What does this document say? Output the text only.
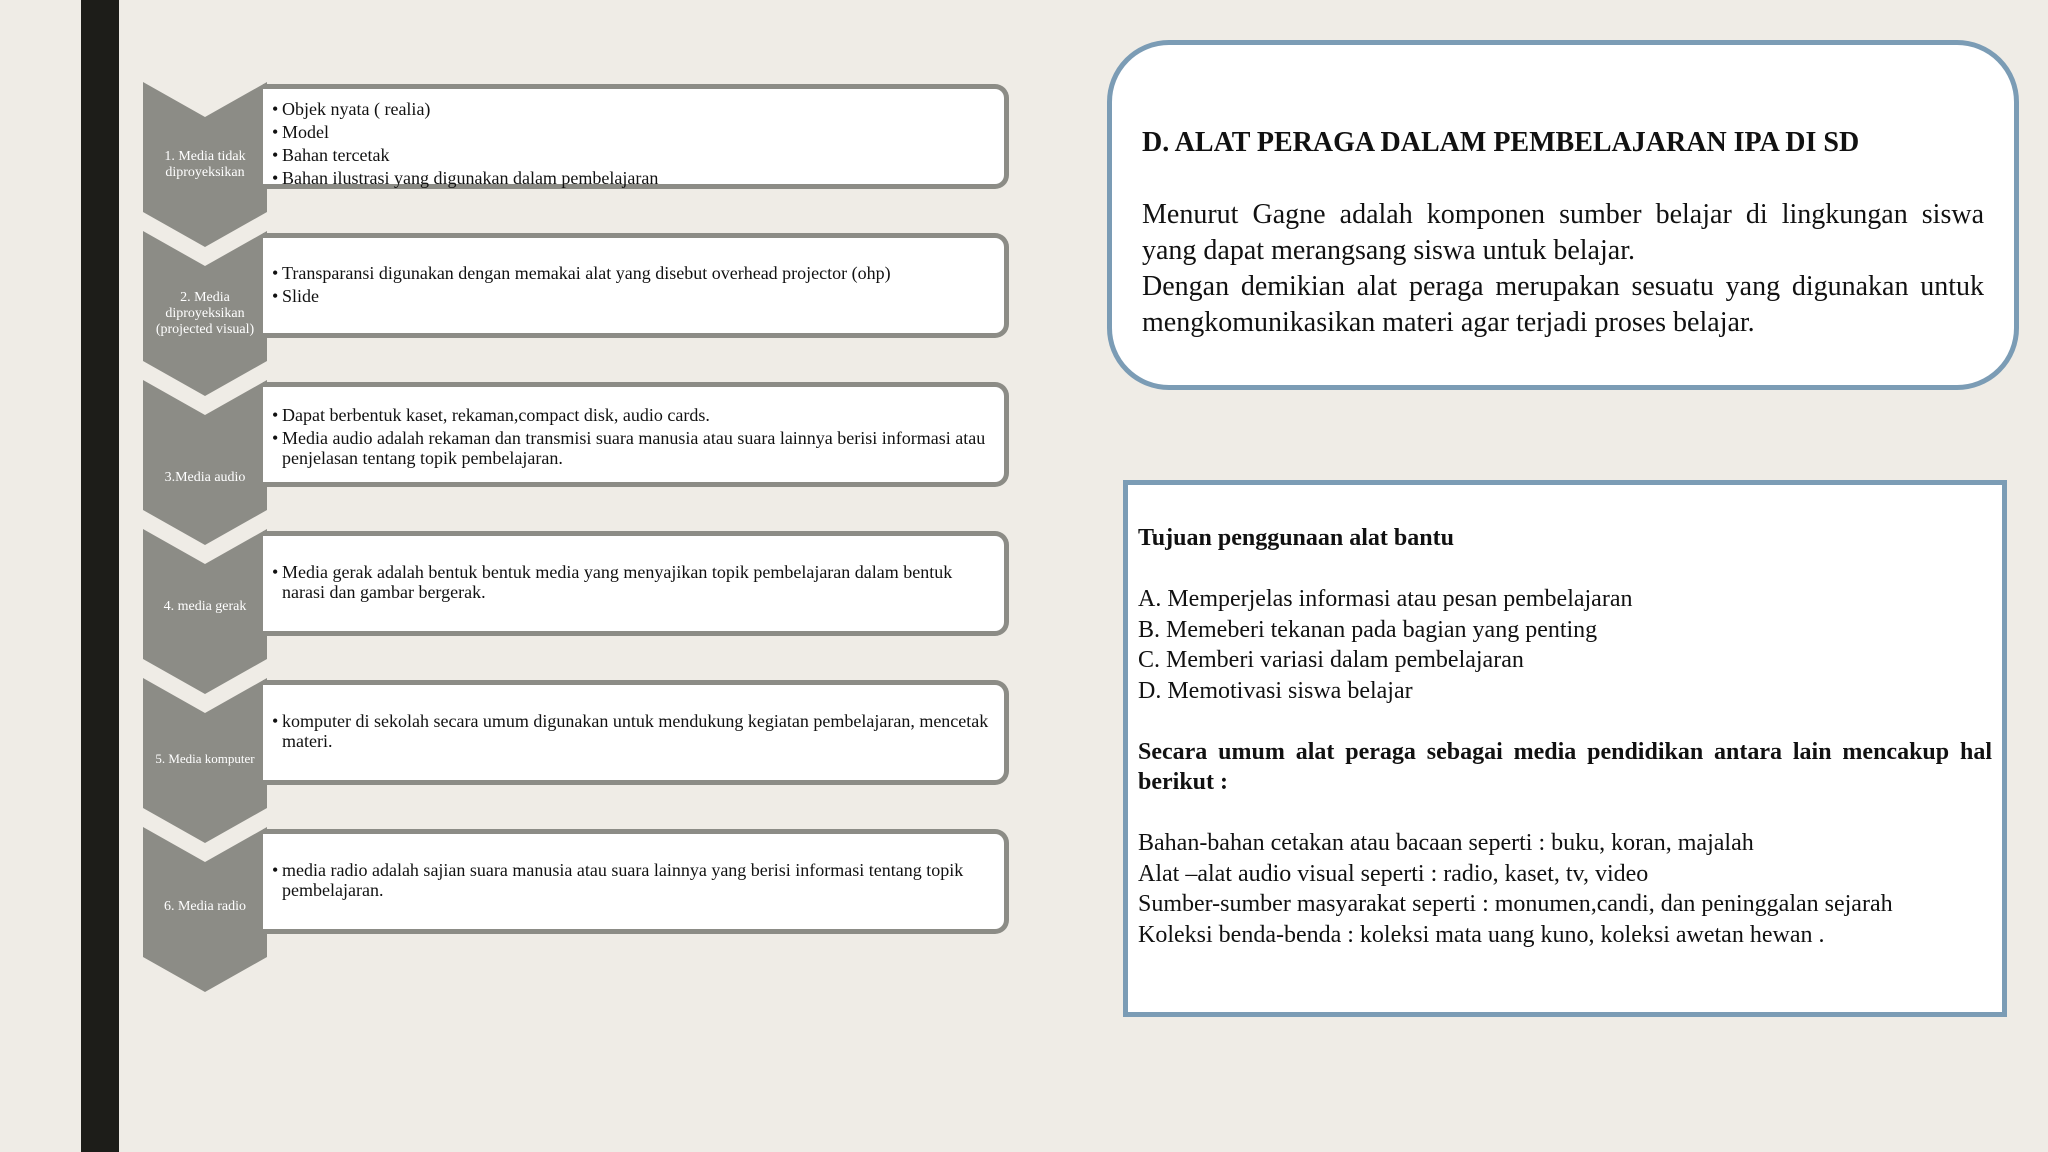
1. Media tidak diproyeksikan
• Objek nyata ( realia)
• Model
• Bahan tercetak
• Bahan ilustrasi yang digunakan dalam pembelajaran
2. Media diproyeksikan (projected visual)
• Transparansi digunakan dengan memakai alat yang disebut overhead projector (ohp)
• Slide
3.Media audio
• Dapat berbentuk kaset, rekaman,compact disk, audio cards.
• Media audio adalah rekaman dan transmisi suara manusia atau suara lainnya berisi informasi atau penjelasan tentang topik pembelajaran.
4. media gerak
• Media gerak adalah bentuk bentuk media yang menyajikan topik pembelajaran dalam bentuk narasi dan gambar bergerak.
5. Media komputer
• komputer di sekolah secara umum digunakan untuk mendukung kegiatan pembelajaran, mencetak materi.
6. Media radio
• media radio adalah sajian suara manusia atau suara lainnya yang berisi informasi tentang topik pembelajaran.
D. ALAT PERAGA DALAM PEMBELAJARAN IPA DI SD
Menurut Gagne adalah komponen sumber belajar di lingkungan siswa yang dapat merangsang siswa untuk belajar.
Dengan demikian alat peraga merupakan sesuatu yang digunakan untuk mengkomunikasikan materi agar terjadi proses belajar.
Tujuan penggunaan alat bantu
A. Memperjelas informasi atau pesan pembelajaran
B. Memeberi tekanan pada bagian yang penting
C. Memberi variasi dalam pembelajaran
D. Memotivasi siswa belajar
Secara umum alat peraga sebagai media pendidikan antara lain mencakup hal berikut :
Bahan-bahan cetakan atau bacaan seperti : buku, koran, majalah
Alat –alat audio visual seperti : radio, kaset, tv, video
Sumber-sumber masyarakat seperti : monumen,candi, dan peninggalan sejarah
Koleksi benda-benda : koleksi mata uang kuno, koleksi awetan hewan .
